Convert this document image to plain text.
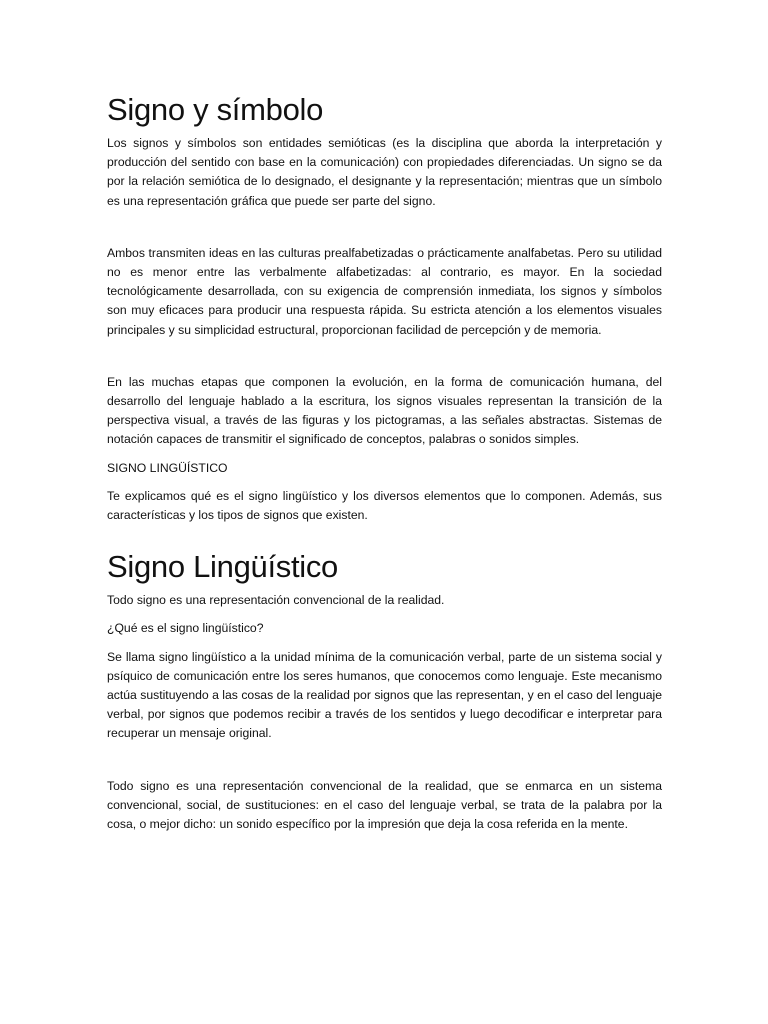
Signo y símbolo

Los signos y símbolos son entidades semióticas (es la disciplina que aborda la interpretación y producción del sentido con base en la comunicación) con propiedades diferenciadas. Un signo se da por la relación semiótica de lo designado, el designante y la representación; mientras que un símbolo es una representación gráfica que puede ser parte del signo.

Ambos transmiten ideas en las culturas prealfabetizadas o prácticamente analfabetas. Pero su utilidad no es menor entre las verbalmente alfabetizadas: al contrario, es mayor. En la sociedad tecnológicamente desarrollada, con su exigencia de comprensión inmediata, los signos y símbolos son muy eficaces para producir una respuesta rápida. Su estricta atención a los elementos visuales principales y su simplicidad estructural, proporcionan facilidad de percepción y de memoria.

En las muchas etapas que componen la evolución, en la forma de comunicación humana, del desarrollo del lenguaje hablado a la escritura, los signos visuales representan la transición de la perspectiva visual, a través de las figuras y los pictogramas, a las señales abstractas. Sistemas de notación capaces de transmitir el significado de conceptos, palabras o sonidos simples.

SIGNO LINGÜÍSTICO

Te explicamos qué es el signo lingüístico y los diversos elementos que lo componen. Además, sus características y los tipos de signos que existen.

Signo Lingüístico

Todo signo es una representación convencional de la realidad.

¿Qué es el signo lingüístico?

Se llama signo lingüístico a la unidad mínima de la comunicación verbal, parte de un sistema social y psíquico de comunicación entre los seres humanos, que conocemos como lenguaje. Este mecanismo actúa sustituyendo a las cosas de la realidad por signos que las representan, y en el caso del lenguaje verbal, por signos que podemos recibir a través de los sentidos y luego decodificar e interpretar para recuperar un mensaje original.

Todo signo es una representación convencional de la realidad, que se enmarca en un sistema convencional, social, de sustituciones: en el caso del lenguaje verbal, se trata de la palabra por la cosa, o mejor dicho: un sonido específico por la impresión que deja la cosa referida en la mente.
